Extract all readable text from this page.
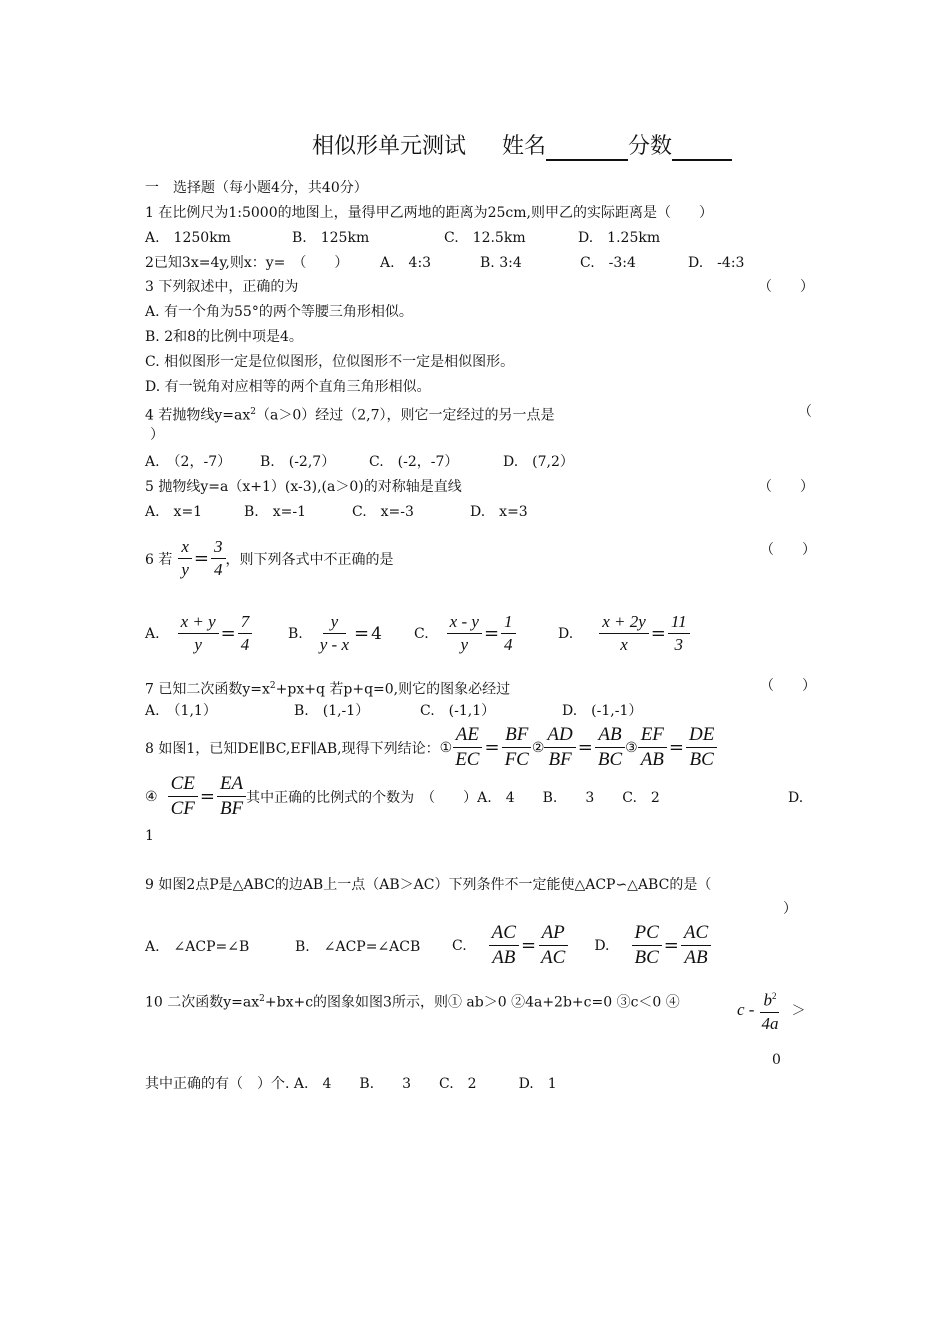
相似形单元测试 姓名	分数
一　选择题（每小题4分，共40分）
1 在比例尺为1:5000的地图上，量得甲乙两地的距离为25cm,则甲乙的实际距离是（　　）
A.　1250km	B.　125km	C.　12.5km	D.　1.25km
2已知3x=4y,则x：y=　（　　） A.　4:3	B. 3:4	C.　-3:4	D.　-4:3
3 下列叙述中，正确的为	（　　）
A. 有一个角为55°的两个等腰三角形相似。
B. 2和8的比例中项是4。
C. 相似图形一定是位似图形，位似图形不一定是相似图形。
D. 有一锐角对应相等的两个直角三角形相似。
4 若抛物线$y=ax^2(a>0)$经过（2,7），则它一定经过的另一点是	（
）
A.　（2，-7） B.　(-2,7） C.　(-2，-7）	D.　(7,2）
5 抛物线y=a（x+1）(x-3),(a＞0)的对称轴是直线	（　　）
A.　x=1	B.　x=-1	C.　x=-3	D.　x=3
6 若 $\frac{x}{y} = \frac{3}{4}$ ，则下列各式中不正确的是
（　　）
A. $\frac{x + y}{y} = \frac{7}{4}$	B. $\frac{y}{y - x} = 4$ C. $\frac{x - y}{y} = \frac{1}{4}$	D. $\frac{x + 2y}{x} = \frac{11}{3}$
7 已知二次函数$y=x^2+px+q$ 若p+q=0,则它的图象必经过	（　　）
A.　（1,1）	B.　(1,-1）	C.　(-1,1）	D.　(-1,-1）
8 如图1，已知DE∥BC,EF∥AB,现得下列结论： ① $\frac{AE}{EC} = \frac{BF}{FC}$ ② $\frac{AD}{BF} = \frac{AB}{BC}$ ③ $\frac{EF}{AB} = \frac{DE}{BC}$
④ $\frac{CE}{CF} = \frac{EA}{BF}$ 其中正确的比例式的个数为　（　　）A.　4　　B.　　3　　C.　2	D.
1
9 如图2点P是△ABC的边AB上一点（AB＞AC）下列条件不一定能使△ACP∽△ABC的是（
）
A.　∠ACP=∠B	B.　∠ACP=∠ACB C. $\frac{AC}{AB} = \frac{AP}{AC} D$. $\frac{PC}{BC} = \frac{AC}{AB}$
10 二次函数$y=ax^2+bx+c$的图象如图3所示，则① ab＞0 ②4a+2b+c=0 ③c＜0 ④	c - $\frac{b^2}{4a}$ ＞
0
其中正确的有（　）个. A.　4　　B.　　3　　C.　2　　　D.　1
